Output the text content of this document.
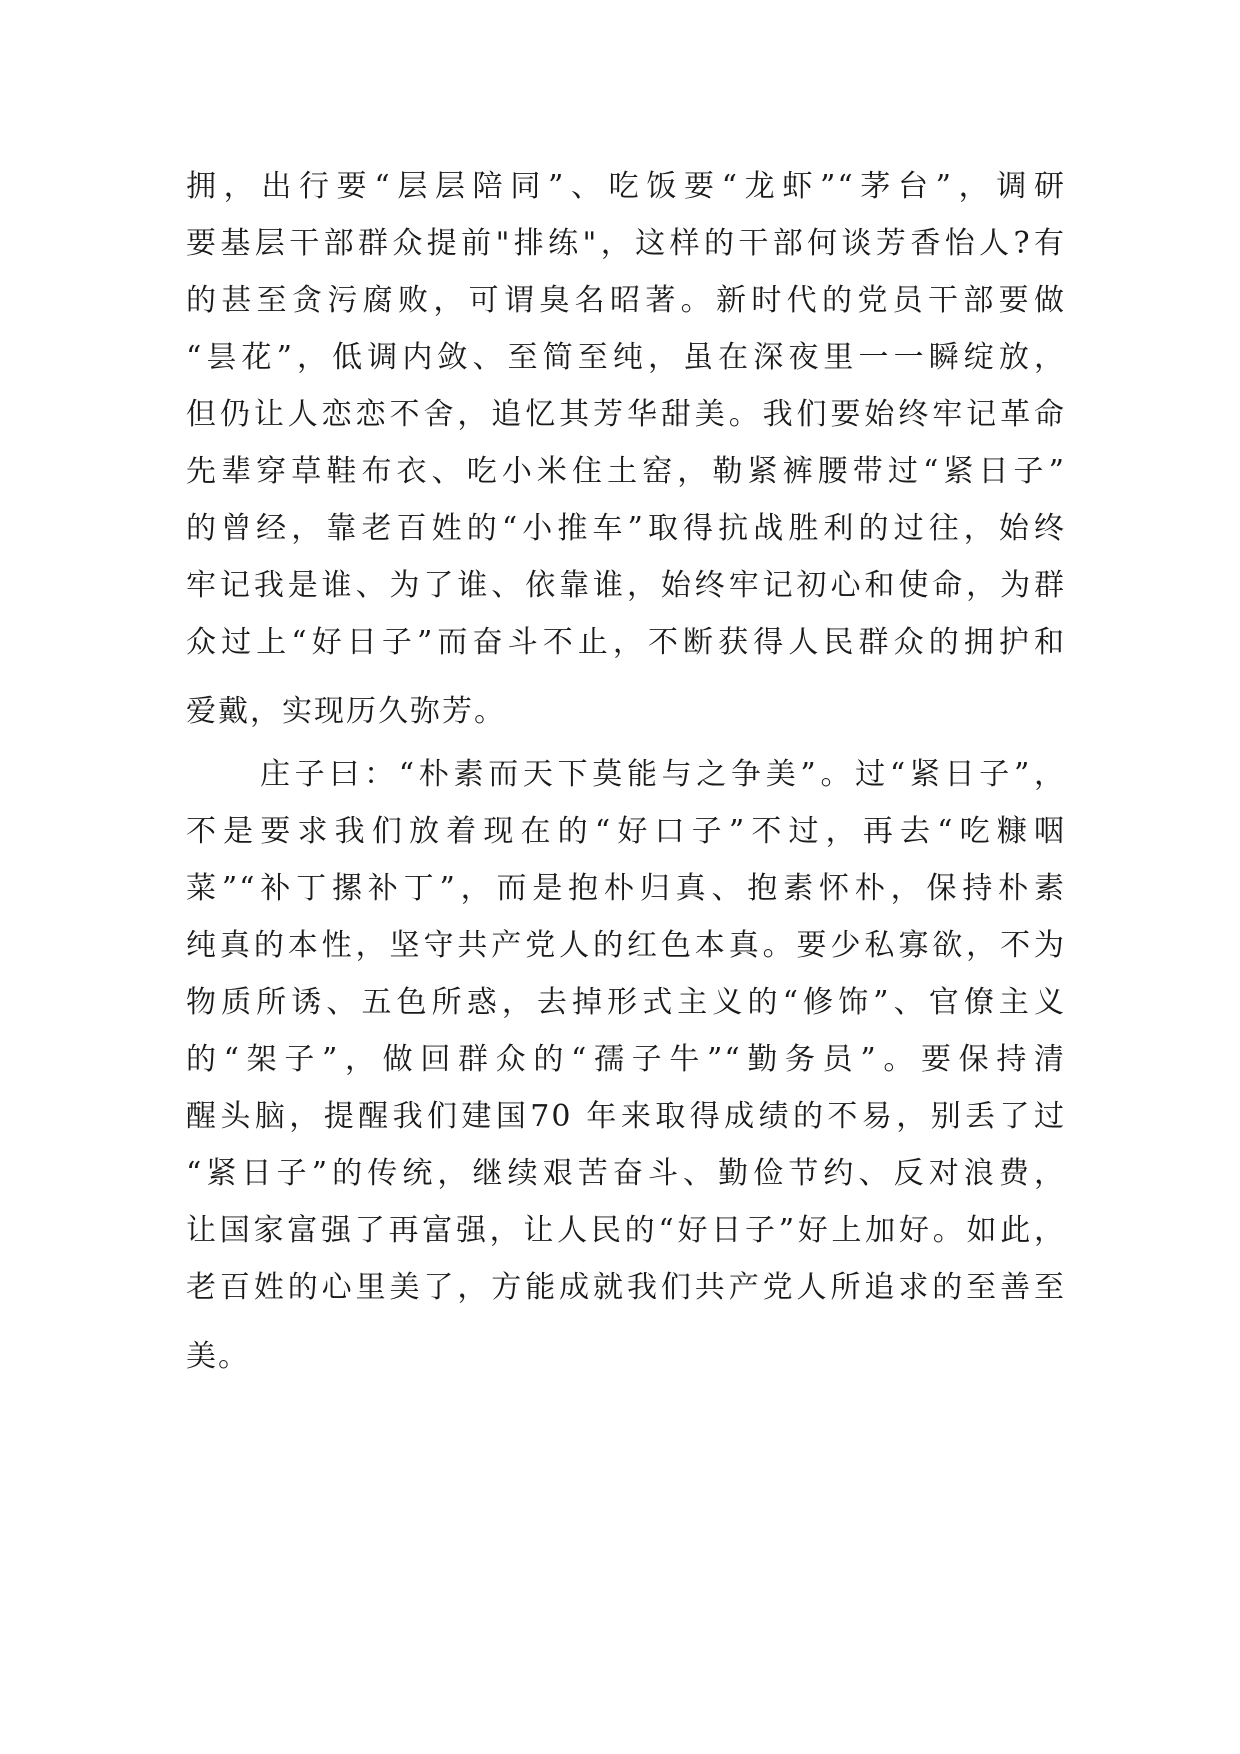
拥，出行要“层层陪同”、吃饭要“龙虾”“茅台”，调研
要基层干部群众提前"排练"，这样的干部何谈芳香怡人?有
的甚至贪污腐败，可谓臭名昭著。新时代的党员干部要做
“昙花”，低调内敛、至简至纯，虽在深夜里一一瞬绽放，
但仍让人恋恋不舍，追忆其芳华甜美。我们要始终牢记革命
先辈穿草鞋布衣、吃小米住土窑，勒紧裤腰带过“紧日子”
的曾经，靠老百姓的“小推车”取得抗战胜利的过往，始终
牢记我是谁、为了谁、依靠谁，始终牢记初心和使命，为群
众过上“好日子”而奋斗不止，不断获得人民群众的拥护和
爱戴，实现历久弥芳。
庄子曰：“朴素而天下莫能与之争美”。过“紧日子”，
不是要求我们放着现在的“好口子”不过，再去“吃糠咽
菜”“补丁摞补丁”，而是抱朴归真、抱素怀朴，保持朴素
纯真的本性，坚守共产党人的红色本真。要少私寡欲，不为
物质所诱、五色所惑，去掉形式主义的“修饰”、官僚主义
的“架子”，做回群众的“孺子牛”“勤务员”。要保持清
醒头脑，提醒我们建国70 年来取得成绩的不易，别丢了过
“紧日子”的传统，继续艰苦奋斗、勤俭节约、反对浪费，
让国家富强了再富强，让人民的“好日子”好上加好。如此，
老百姓的心里美了，方能成就我们共产党人所追求的至善至
美。
